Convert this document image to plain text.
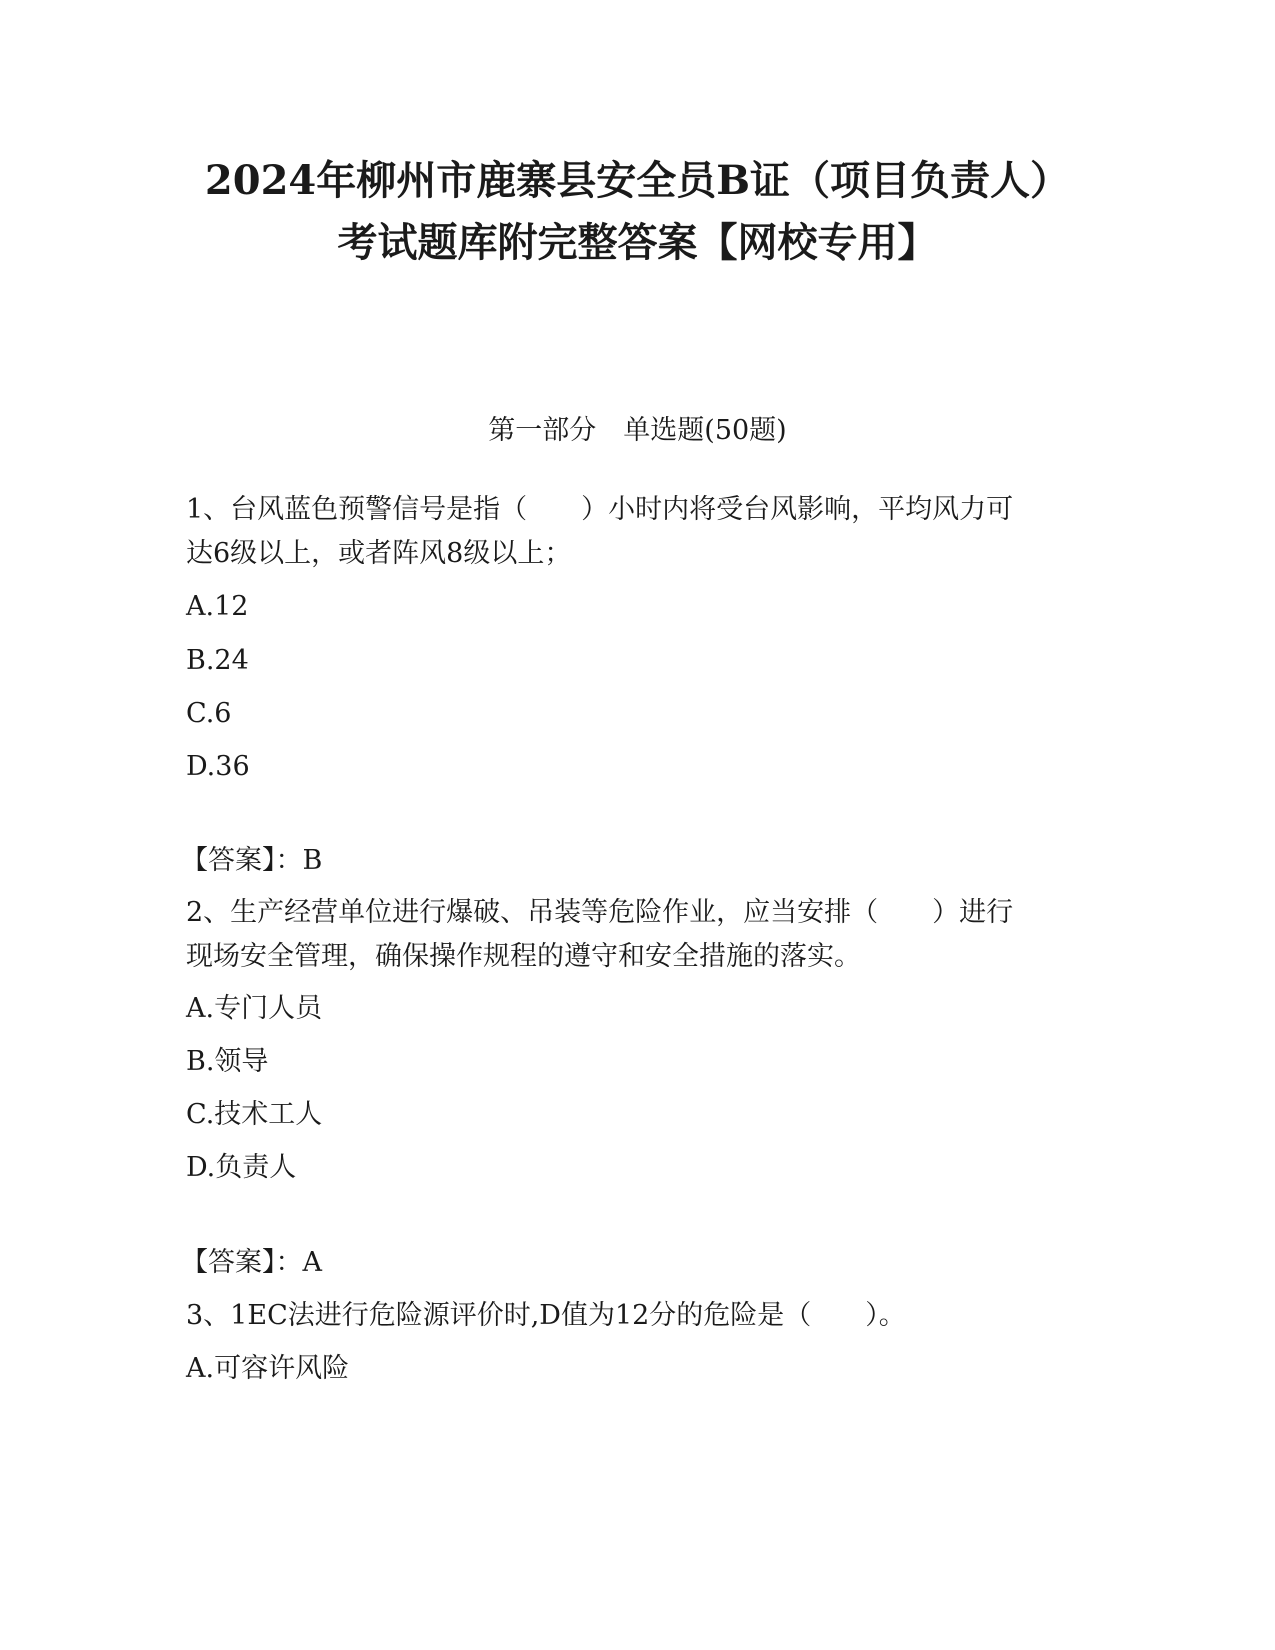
2024年柳州市鹿寨县安全员B证（项目负责人）
考试题库附完整答案【网校专用】
第一部分　单选题(50题)
1、台风蓝色预警信号是指（　　）小时内将受台风影响，平均风力可
达6级以上，或者阵风8级以上；
A.12
B.24
C.6
D.36
【答案】：B
2、生产经营单位进行爆破、吊装等危险作业，应当安排（　　）进行
现场安全管理，确保操作规程的遵守和安全措施的落实。
A.专门人员
B.领导
C.技术工人
D.负责人
【答案】：A
3、1EC法进行危险源评价时,D值为12分的危险是（　　）。
A.可容许风险
